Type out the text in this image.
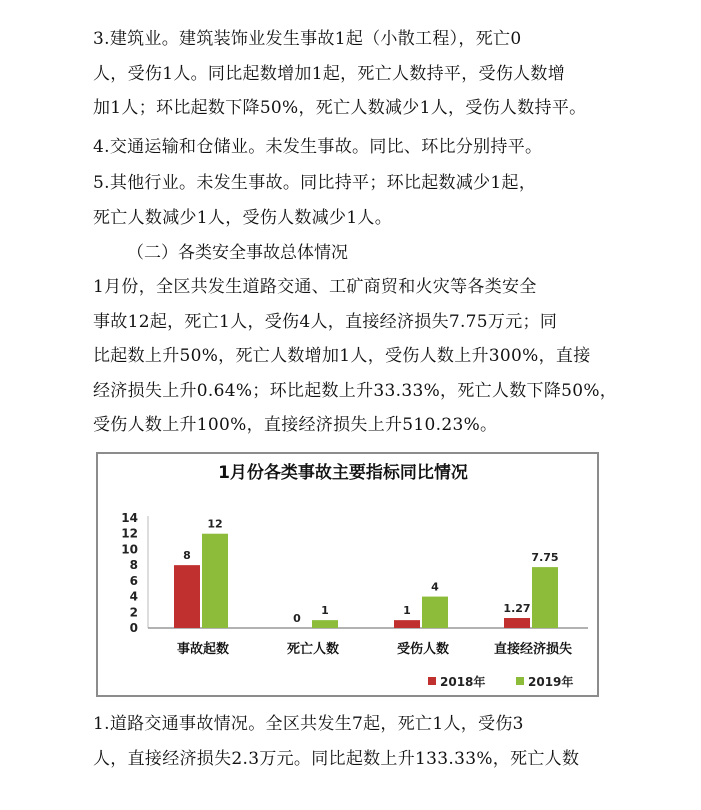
3.建筑业。建筑装饰业发生事故1起（小散工程），死亡0
人，受伤1人。同比起数增加1起，死亡人数持平，受伤人数增
加1人；环比起数下降50%，死亡人数减少1人，受伤人数持平。
4.交通运输和仓储业。未发生事故。同比、环比分别持平。
5.其他行业。未发生事故。同比持平；环比起数减少1起，
死亡人数减少1人，受伤人数减少1人。
（二）各类安全事故总体情况
1月份，全区共发生道路交通、工矿商贸和火灾等各类安全
事故12起，死亡1人，受伤4人，直接经济损失7.75万元；同
比起数上升50%，死亡人数增加1人，受伤人数上升300%，直接
经济损失上升0.64%；环比起数上升33.33%，死亡人数下降50%，
受伤人数上升100%，直接经济损失上升510.23%。
1月份各类事故主要指标同比情况
0
2
4
6
8
10
12
14
8
12
事故起数
0
1
死亡人数
1
4
受伤人数
1.27
7.75
直接经济损失
2018年	2019年
1.道路交通事故情况。全区共发生7起，死亡1人，受伤3
人，直接经济损失2.3万元。同比起数上升133.33%，死亡人数
